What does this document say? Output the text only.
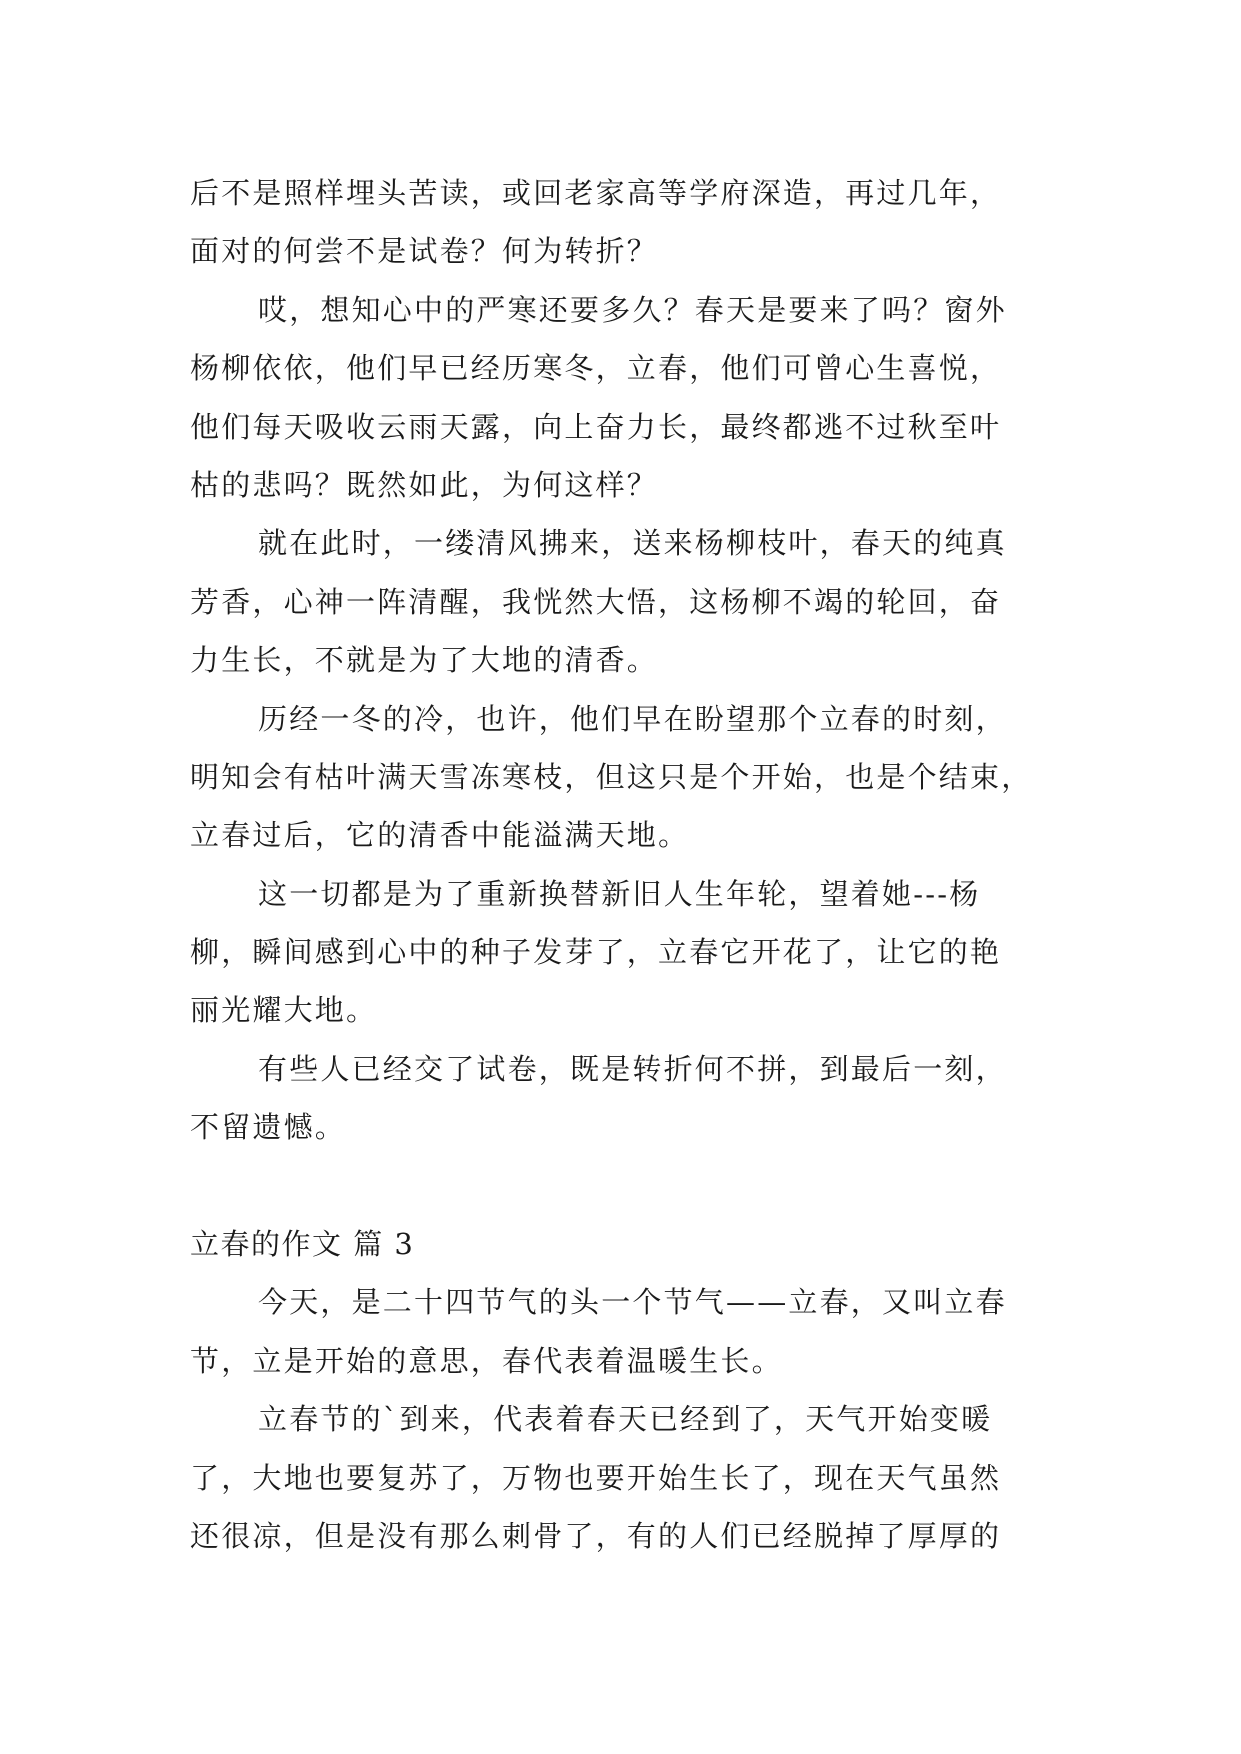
后不是照样埋头苦读，或回老家高等学府深造，再过几年，
面对的何尝不是试卷？何为转折？
哎，想知心中的严寒还要多久？春天是要来了吗？窗外
杨柳依依，他们早已经历寒冬，立春，他们可曾心生喜悦，
他们每天吸收云雨天露，向上奋力长，最终都逃不过秋至叶
枯的悲吗？既然如此，为何这样？
就在此时，一缕清风拂来，送来杨柳枝叶，春天的纯真
芳香，心神一阵清醒，我恍然大悟，这杨柳不竭的轮回，奋
力生长，不就是为了大地的清香。
历经一冬的冷，也许，他们早在盼望那个立春的时刻，
明知会有枯叶满天雪冻寒枝，但这只是个开始，也是个结束，
立春过后，它的清香中能溢满天地。
这一切都是为了重新换替新旧人生年轮，望着她---杨
柳，瞬间感到心中的种子发芽了，立春它开花了，让它的艳
丽光耀大地。
有些人已经交了试卷，既是转折何不拼，到最后一刻，
不留遗憾。
立春的作文 篇 3
今天，是二十四节气的头一个节气——立春，又叫立春
节，立是开始的意思，春代表着温暖生长。
立春节的`到来，代表着春天已经到了，天气开始变暖
了，大地也要复苏了，万物也要开始生长了，现在天气虽然
还很凉，但是没有那么刺骨了，有的人们已经脱掉了厚厚的
